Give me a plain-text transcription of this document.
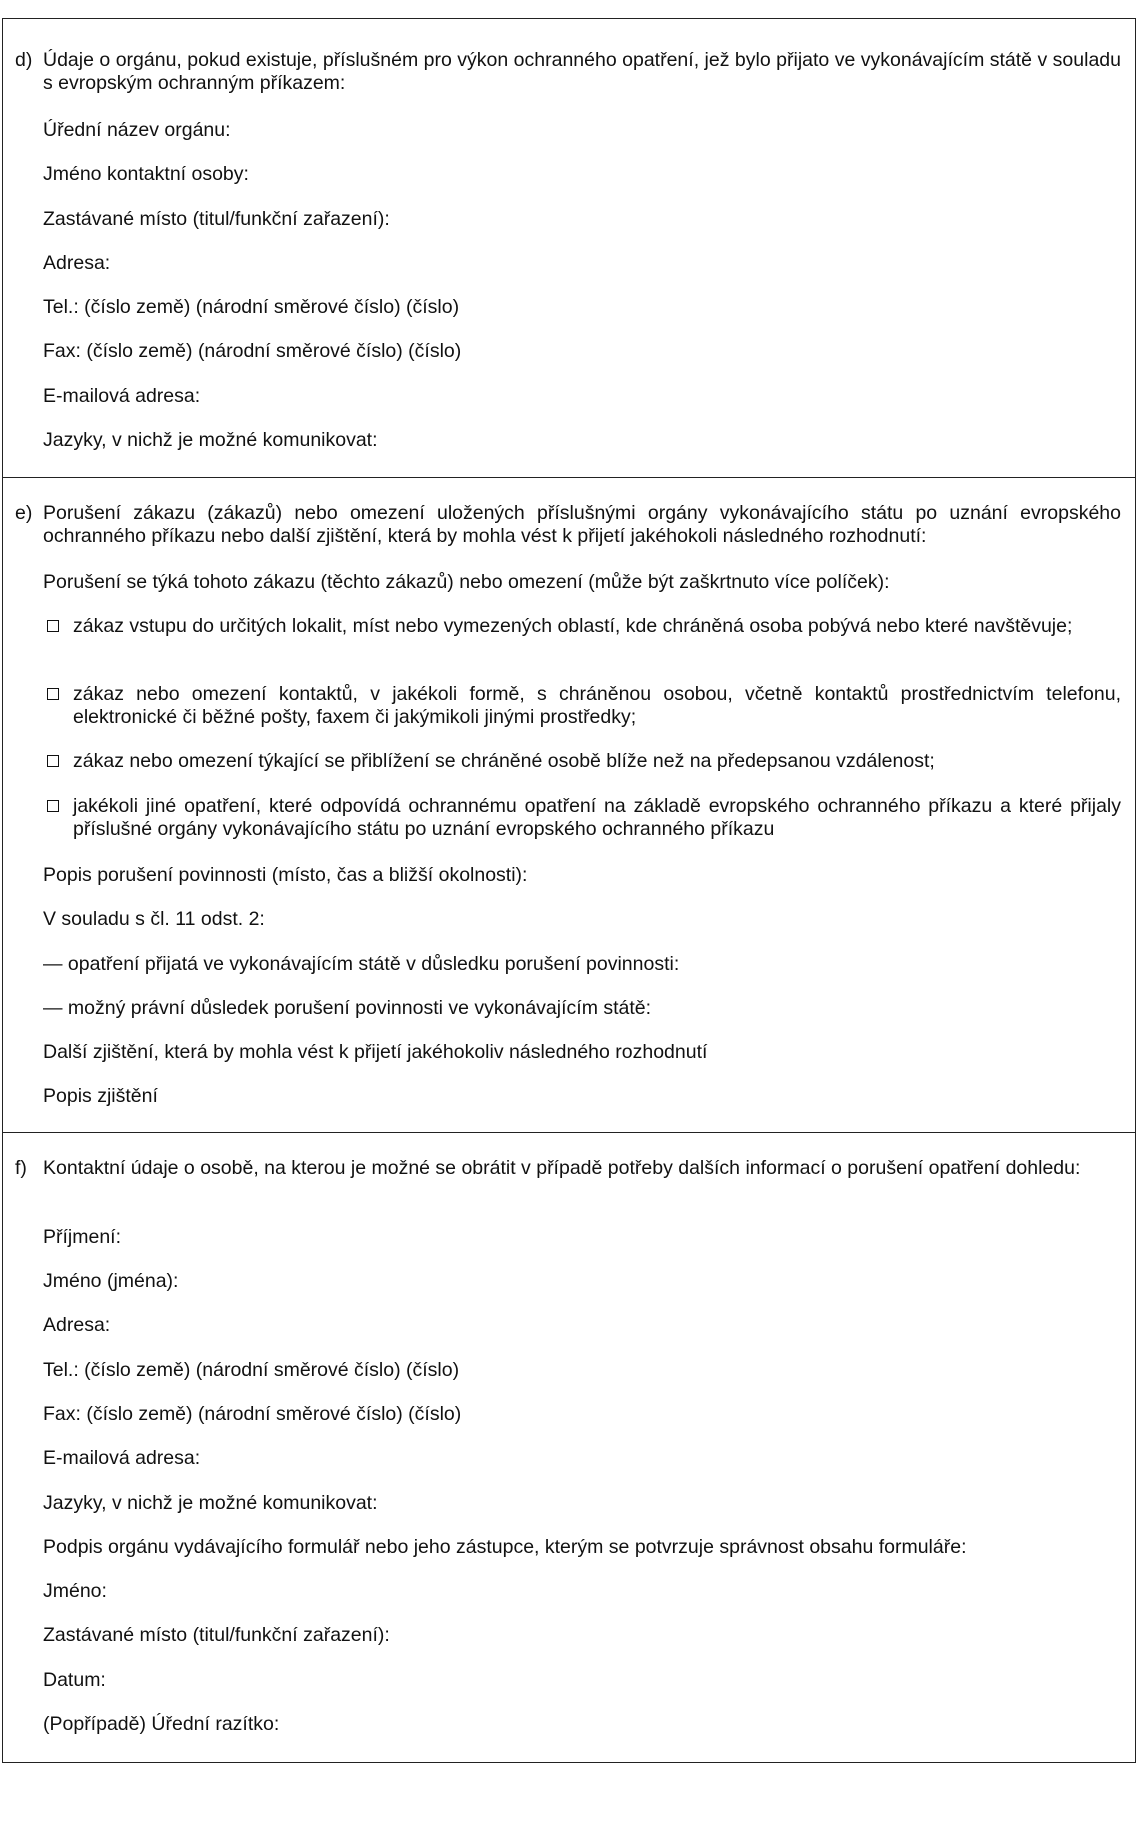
d) Údaje o orgánu, pokud existuje, příslušném pro výkon ochranného opatření, jež bylo přijato ve vykonávajícím státě v souladu s evropským ochranným příkazem:
Úřední název orgánu:
Jméno kontaktní osoby:
Zastávané místo (titul/funkční zařazení):
Adresa:
Tel.: (číslo země) (národní směrové číslo) (číslo)
Fax: (číslo země) (národní směrové číslo) (číslo)
E-mailová adresa:
Jazyky, v nichž je možné komunikovat:
e) Porušení zákazu (zákazů) nebo omezení uložených příslušnými orgány vykonávajícího státu po uznání evropského ochranného příkazu nebo další zjištění, která by mohla vést k přijetí jakéhokoli následného rozhodnutí:
Porušení se týká tohoto zákazu (těchto zákazů) nebo omezení (může být zaškrtnuto více políček):
zákaz vstupu do určitých lokalit, míst nebo vymezených oblastí, kde chráněná osoba pobývá nebo které navštěvuje;
zákaz nebo omezení kontaktů, v jakékoli formě, s chráněnou osobou, včetně kontaktů prostřednictvím telefonu, elektronické či běžné pošty, faxem či jakýmikoli jinými prostředky;
zákaz nebo omezení týkající se přiblížení se chráněné osobě blíže než na předepsanou vzdálenost;
jakékoli jiné opatření, které odpovídá ochrannému opatření na základě evropského ochranného příkazu a které přijaly příslušné orgány vykonávajícího státu po uznání evropského ochranného příkazu
Popis porušení povinnosti (místo, čas a bližší okolnosti):
V souladu s čl. 11 odst. 2:
— opatření přijatá ve vykonávajícím státě v důsledku porušení povinnosti:
— možný právní důsledek porušení povinnosti ve vykonávajícím státě:
Další zjištění, která by mohla vést k přijetí jakéhokoliv následného rozhodnutí
Popis zjištění
f) Kontaktní údaje o osobě, na kterou je možné se obrátit v případě potřeby dalších informací o porušení opatření dohledu:
Příjmení:
Jméno (jména):
Adresa:
Tel.: (číslo země) (národní směrové číslo) (číslo)
Fax: (číslo země) (národní směrové číslo) (číslo)
E-mailová adresa:
Jazyky, v nichž je možné komunikovat:
Podpis orgánu vydávajícího formulář nebo jeho zástupce, kterým se potvrzuje správnost obsahu formuláře:
Jméno:
Zastávané místo (titul/funkční zařazení):
Datum:
(Popřípadě) Úřední razítko:
